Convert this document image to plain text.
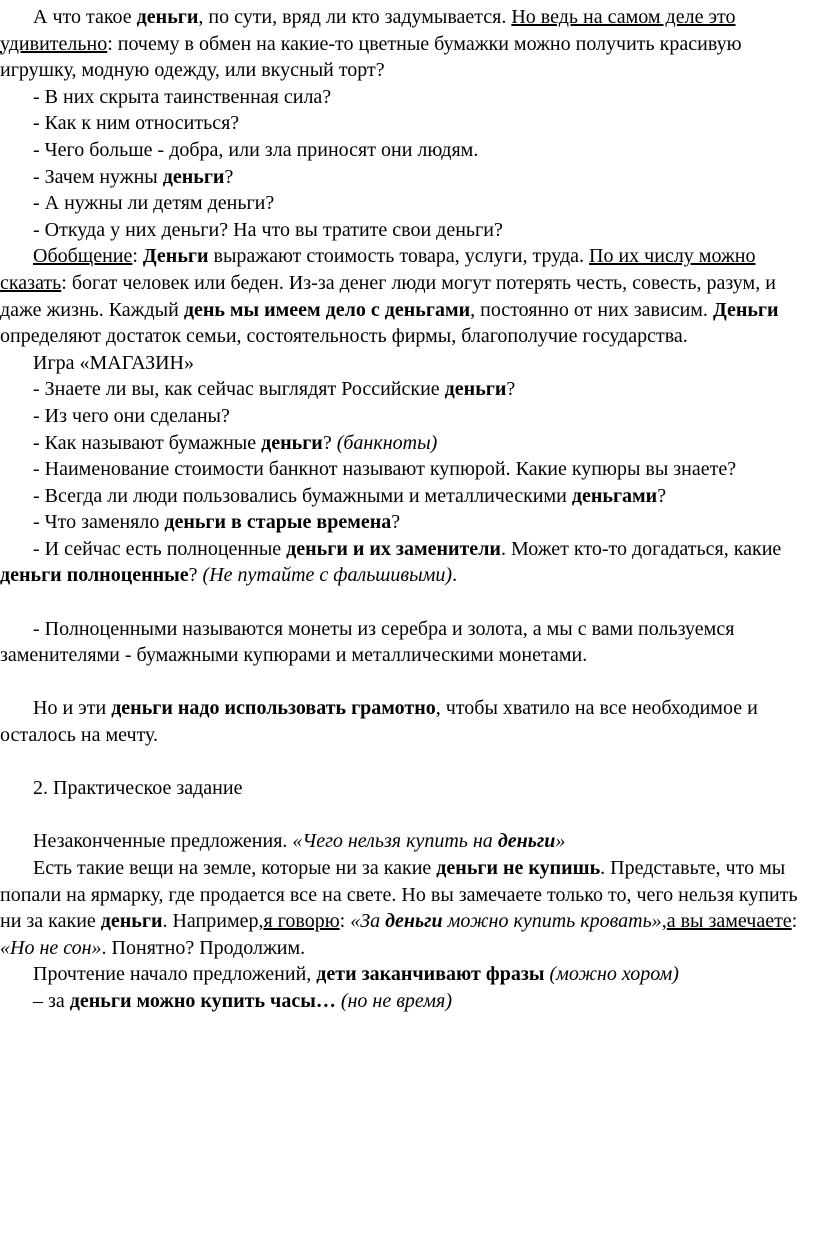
А что такое деньги, по сути, вряд ли кто задумывается. Но ведь на самом деле это удивительно: почему в обмен на какие-то цветные бумажки можно получить красивую игрушку, модную одежду, или вкусный торт?

- В них скрыта таинственная сила?

- Как к ним относиться?

- Чего больше - добра, или зла приносят они людям.

- Зачем нужны деньги?

- А нужны ли детям деньги?

- Откуда у них деньги? На что вы тратите свои деньги?

Обобщение: Деньги выражают стоимость товара, услуги, труда. По их числу можно сказать: богат человек или беден. Из-за денег люди могут потерять честь, совесть, разум, и даже жизнь. Каждый день мы имеем дело с деньгами, постоянно от них зависим. Деньги определяют достаток семьи, состоятельность фирмы, благополучие государства.

Игра «МАГАЗИН»

- Знаете ли вы, как сейчас выглядят Российские деньги?

- Из чего они сделаны?

- Как называют бумажные деньги? (банкноты)

- Наименование стоимости банкнот называют купюрой. Какие купюры вы знаете?

- Всегда ли люди пользовались бумажными и металлическими деньгами?

- Что заменяло деньги в старые времена?

- И сейчас есть полноценные деньги и их заменители. Может кто-то догадаться, какие деньги полноценные? (Не путайте с фальшивыми).

- Полноценными называются монеты из серебра и золота, а мы с вами пользуемся заменителями - бумажными купюрами и металлическими монетами.

Но и эти деньги надо использовать грамотно, чтобы хватило на все необходимое и осталось на мечту.

2. Практическое задание

Незаконченные предложения. «Чего нельзя купить на деньги»

Есть такие вещи на земле, которые ни за какие деньги не купишь. Представьте, что мы попали на ярмарку, где продается все на свете. Но вы замечаете только то, чего нельзя купить ни за какие деньги. Например,я говорю: «За деньги можно купить кровать»,а вы замечаете: «Но не сон». Понятно? Продолжим.

Прочтение начало предложений, дети заканчивают фразы (можно хором)

– за деньги можно купить часы… (но не время)
